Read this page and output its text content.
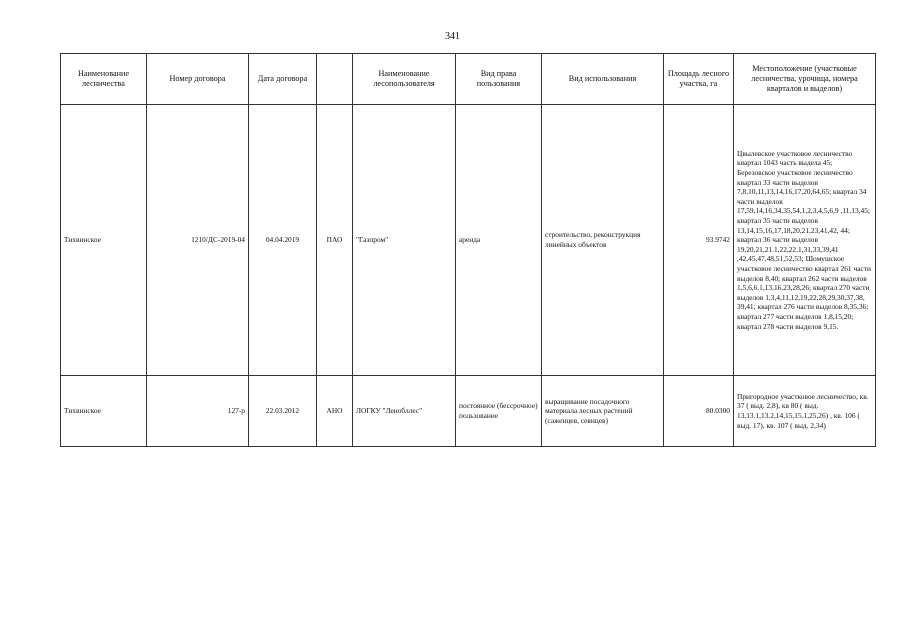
341
Наименование лесничества	Номер договора	Дата договора		Наименование лесопользователя	Вид права пользования	Вид использования	Площадь лесного участка, га	Местоположение (участковые лесничества, урочища, номера кварталов и выделов)
Тихвинское	1210/ДС-2019-04	04.04.2019	ПАО	"Газпром"	аренда	строительство, реконструкция линейных объектов	93.9742	Цвылевское участковое лесничество квартал 1043 часть выдела 45; Березовское участковое лесничество квартал 33 части выделов 7,8,10,11,13,14,16,17,20,64,65; квартал 34 части выделов 17,59,14,16,34,35,54,1,2,3,4,5,6,9 ,11,13,45; квартал 35 части выделов 13,14,15,16,17,18,20,21,23,41,42, 44; квартал 36 части выделов 19,20,21,21.1,22,22.1,31,33,39,41 ,42,45,47,48,51,52,53; Шомушское участковое лесничество квартал 261 части выделов 8,40; квартал 262 части выделов 1,5,6,6.1,13,16,23,28,26; квартал 270 части выделов 1,3,4,11,12,19,22,28,29,30,37,38, 39,41; квартал 276 части выделов 8,35,36; квартал 277 части выделов 1,8,15,20; квартал 278 части выделов 9,15.
Тихвинское	127-р	22.03.2012	АНО	ЛОГКУ "Ленобллес"	постоянное (бессрочное) пользование	выращивание посадочного материала лесных растений (саженцев, сеянцев)	80.0300	Пригородное участковое лесничество, кв. 37 ( выд. 2,8), кв 80 ( выд. 13,13.1,13.2,14,15,15.1,25,26) , кв. 106 ( выд. 17), кв. 107 ( выд. 2,34)
